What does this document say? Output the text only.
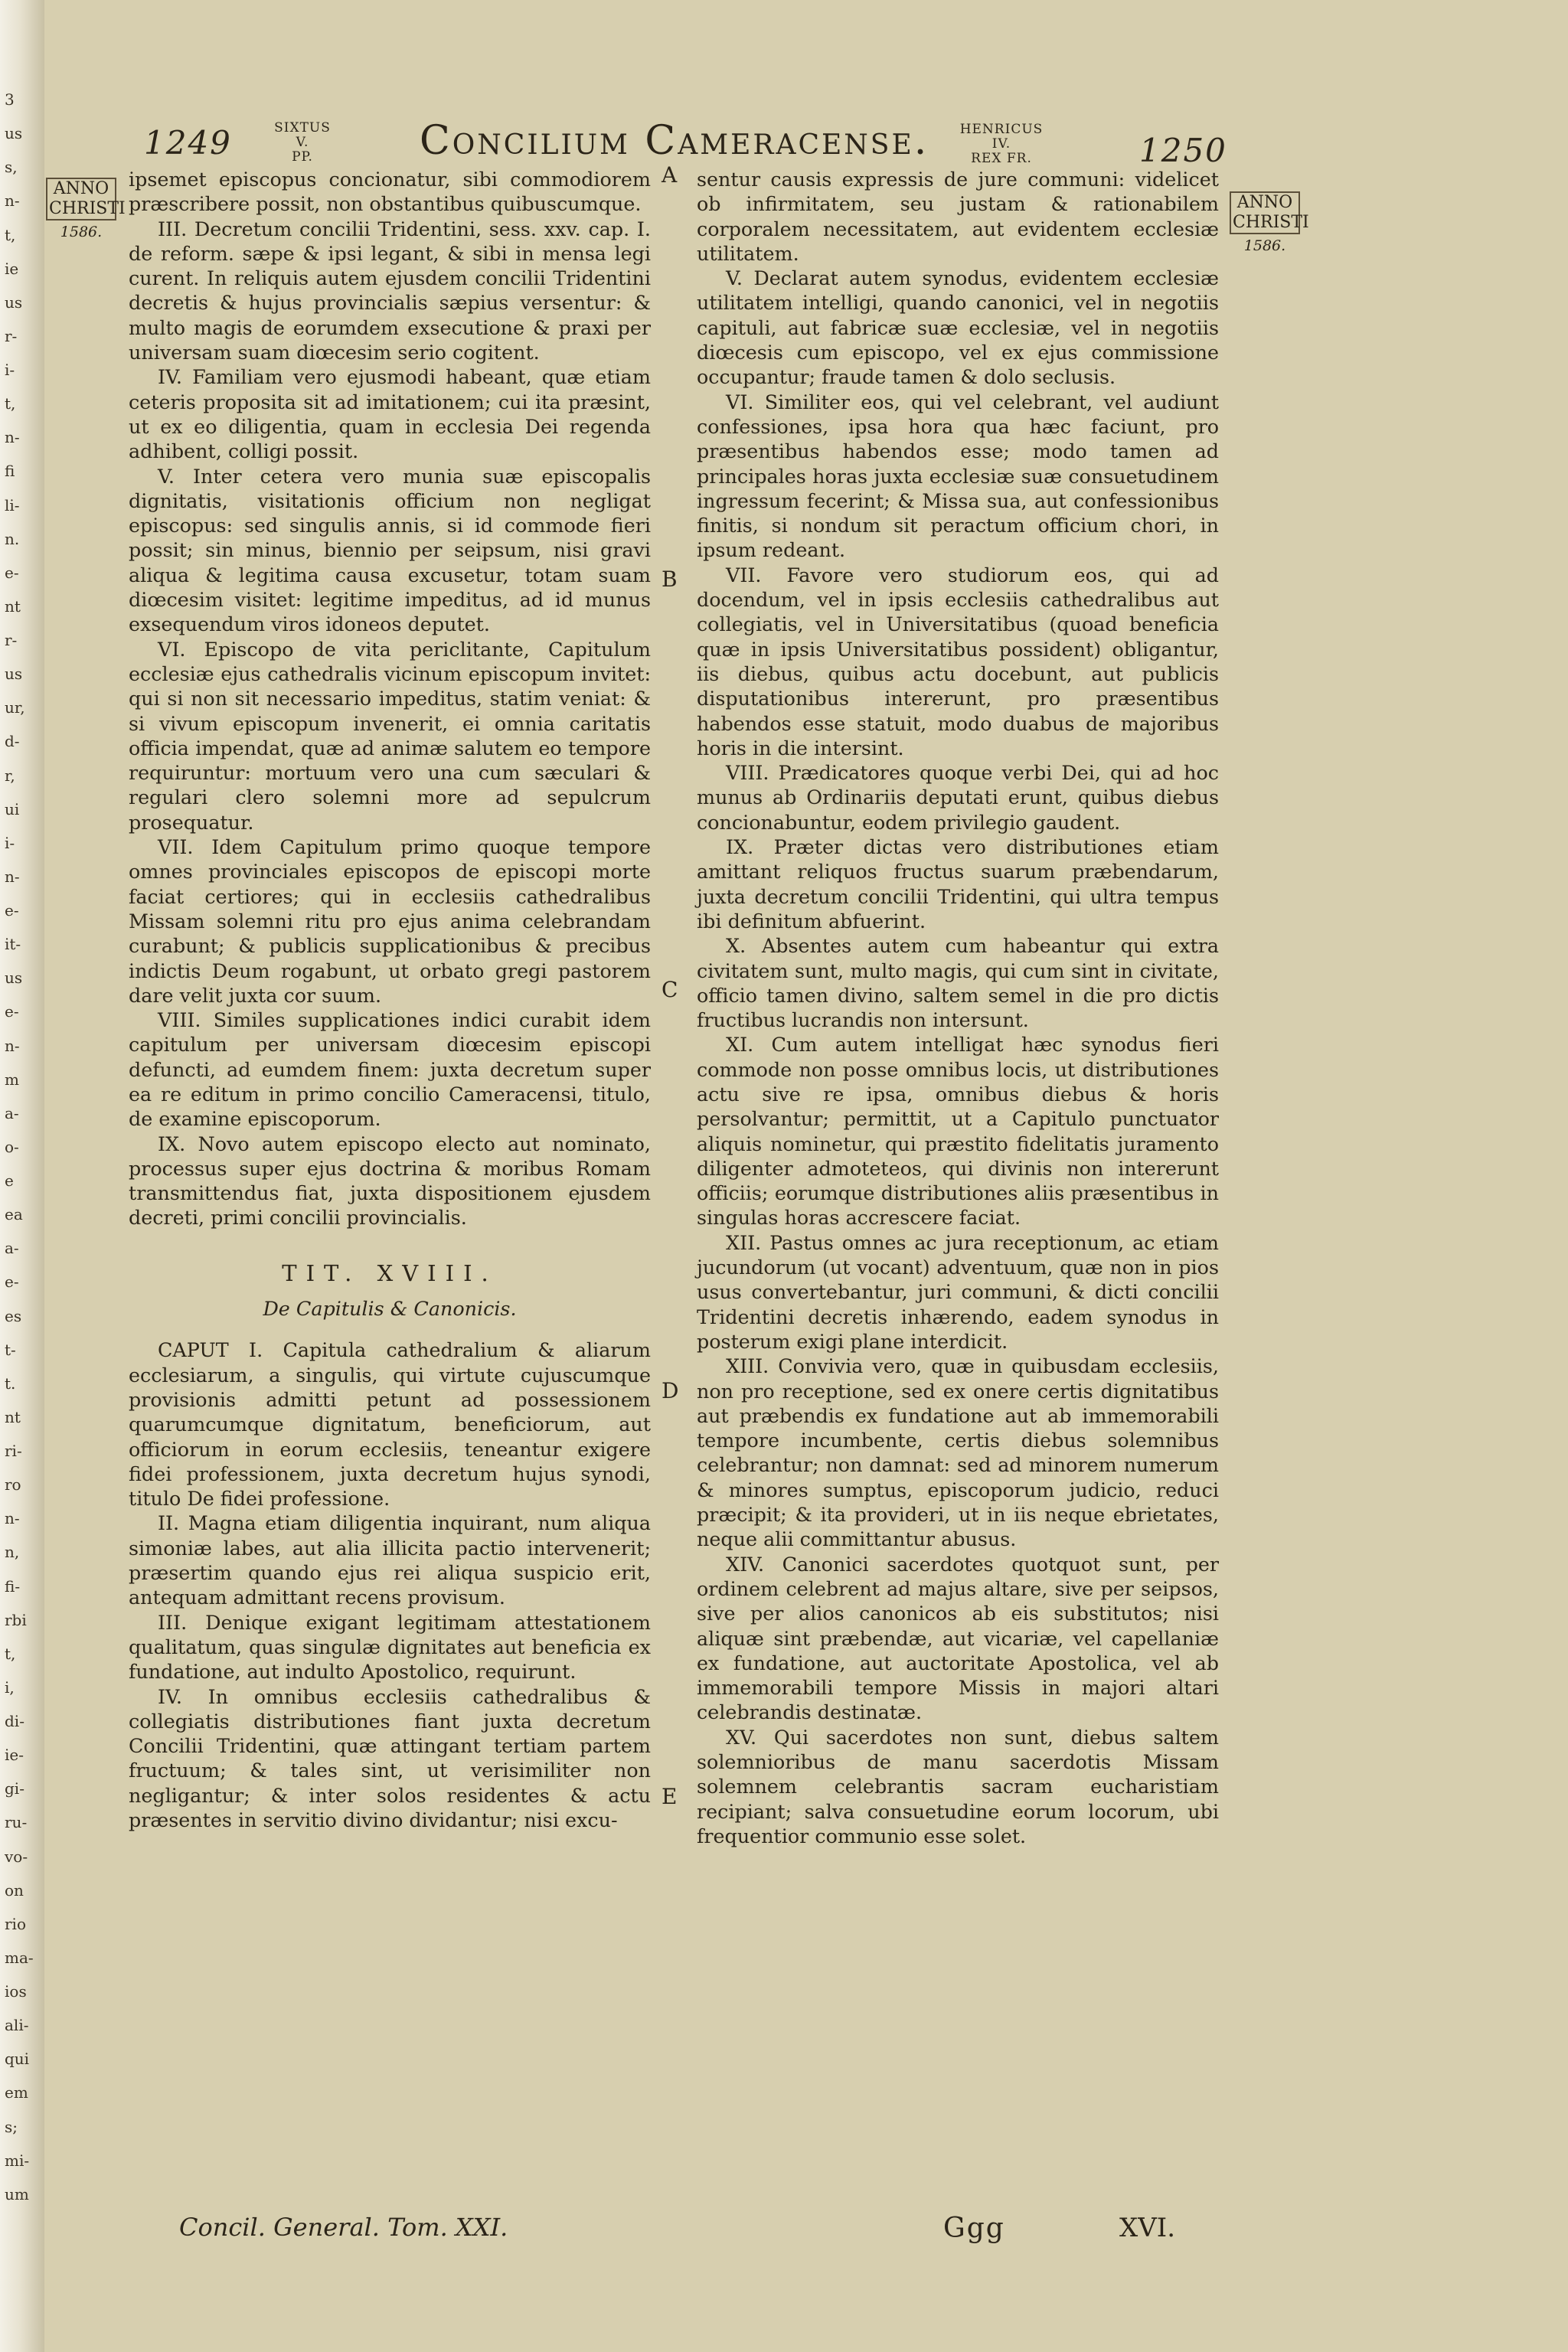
3
us
s,
n-
t,
ie
us
r-
i-
t,
n-
fi
li-
n.
e-
nt
r-
us
ur,
d-
r,
ui
i-
n-
e-
it-
us
e-
n-
m
a-
o-
e
ea
a-
e-
es
t-
t.
nt
ri-
ro
n-
n,
fi-
rbi
t,
i,
di-
ie-
gi-
ru-
vo-
on
rio
ma-
ios
ali-
qui
em
s;
mi-
um
1249	SIXTUS V.
PP.	Concilium Cameracense.	HENRICUS IV.
REX FR.	1250
ANNO
CHRISTI
1586.
ANNO
CHRISTI
1586.

ipsemet episcopus concionatur, sibi commodiorem præscribere possit, non obstantibus quibuscumque.

III. Decretum concilii Tridentini, sess. xxv. cap. I. de reform. sæpe & ipsi legant, & sibi in mensa legi curent. In reliquis autem ejusdem concilii Tridentini decretis & hujus provincialis sæpius versentur: & multo magis de eorumdem exsecutione & praxi per universam suam diœcesim serio cogitent.

IV. Familiam vero ejusmodi habeant, quæ etiam ceteris proposita sit ad imitationem; cui ita præsint, ut ex eo diligentia, quam in ecclesia Dei regenda adhibent, colligi possit.

V. Inter cetera vero munia suæ episcopalis dignitatis, visitationis officium non negligat episcopus: sed singulis annis, si id commode fieri possit; sin minus, biennio per seipsum, nisi gravi aliqua & legitima causa excusetur, totam suam diœcesim visitet: legitime impeditus, ad id munus exsequendum viros idoneos deputet.

VI. Episcopo de vita periclitante, Capitulum ecclesiæ ejus cathedralis vicinum episcopum invitet: qui si non sit necessario impeditus, statim veniat: & si vivum episcopum invenerit, ei omnia caritatis officia impendat, quæ ad animæ salutem eo tempore requiruntur: mortuum vero una cum sæculari & regulari clero solemni more ad sepulcrum prosequatur.

VII. Idem Capitulum primo quoque tempore omnes provinciales episcopos de episcopi morte faciat certiores; qui in ecclesiis cathedralibus Missam solemni ritu pro ejus anima celebrandam curabunt; & publicis supplicationibus & precibus indictis Deum rogabunt, ut orbato gregi pastorem dare velit juxta cor suum.

VIII. Similes supplicationes indici curabit idem capitulum per universam diœcesim episcopi defuncti, ad eumdem finem: juxta decretum super ea re editum in primo concilio Cameracensi, titulo, de examine episcoporum.

IX. Novo autem episcopo electo aut nominato, processus super ejus doctrina & moribus Romam transmittendus fiat, juxta dispositionem ejusdem decreti, primi concilii provincialis.

TIT. XVIII.

De Capitulis & Canonicis.

CAPUT I. Capitula cathedralium & aliarum ecclesiarum, a singulis, qui virtute cujuscumque provisionis admitti petunt ad possessionem quarumcumque dignitatum, beneficiorum, aut officiorum in eorum ecclesiis, teneantur exigere fidei professionem, juxta decretum hujus synodi, titulo De fidei professione.

II. Magna etiam diligentia inquirant, num aliqua simoniæ labes, aut alia illicita pactio intervenerit; præsertim quando ejus rei aliqua suspicio erit, antequam admittant recens provisum.

III. Denique exigant legitimam attestationem qualitatum, quas singulæ dignitates aut beneficia ex fundatione, aut indulto Apostolico, requirunt.

IV. In omnibus ecclesiis cathedralibus & collegiatis distributiones fiant juxta decretum Concilii Tridentini, quæ attingant tertiam partem fructuum; & tales sint, ut verisimiliter non negligantur; & inter solos residentes & actu præsentes in servitio divino dividantur; nisi excu-

A
B
C
D
E

sentur causis expressis de jure communi: videlicet ob infirmitatem, seu justam & rationabilem corporalem necessitatem, aut evidentem ecclesiæ utilitatem.

V. Declarat autem synodus, evidentem ecclesiæ utilitatem intelligi, quando canonici, vel in negotiis capituli, aut fabricæ suæ ecclesiæ, vel in negotiis diœcesis cum episcopo, vel ex ejus commissione occupantur; fraude tamen & dolo seclusis.

VI. Similiter eos, qui vel celebrant, vel audiunt confessiones, ipsa hora qua hæc faciunt, pro præsentibus habendos esse; modo tamen ad principales horas juxta ecclesiæ suæ consuetudinem ingressum fecerint; & Missa sua, aut confessionibus finitis, si nondum sit peractum officium chori, in ipsum redeant.

VII. Favore vero studiorum eos, qui ad docendum, vel in ipsis ecclesiis cathedralibus aut collegiatis, vel in Universitatibus (quoad beneficia quæ in ipsis Universitatibus possident) obligantur, iis diebus, quibus actu docebunt, aut publicis disputationibus intererunt, pro præsentibus habendos esse statuit, modo duabus de majoribus horis in die intersint.

VIII. Prædicatores quoque verbi Dei, qui ad hoc munus ab Ordinariis deputati erunt, quibus diebus concionabuntur, eodem privilegio gaudent.

IX. Præter dictas vero distributiones etiam amittant reliquos fructus suarum præbendarum, juxta decretum concilii Tridentini, qui ultra tempus ibi definitum abfuerint.

X. Absentes autem cum habeantur qui extra civitatem sunt, multo magis, qui cum sint in civitate, officio tamen divino, saltem semel in die pro dictis fructibus lucrandis non intersunt.

XI. Cum autem intelligat hæc synodus fieri commode non posse omnibus locis, ut distributiones actu sive re ipsa, omnibus diebus & horis persolvantur; permittit, ut a Capitulo punctuator aliquis nominetur, qui præstito fidelitatis juramento diligenter admoteteos, qui divinis non intererunt officiis; eorumque distributiones aliis præsentibus in singulas horas accrescere faciat.

XII. Pastus omnes ac jura receptionum, ac etiam jucundorum (ut vocant) adventuum, quæ non in pios usus convertebantur, juri communi, & dicti concilii Tridentini decretis inhærendo, eadem synodus in posterum exigi plane interdicit.

XIII. Convivia vero, quæ in quibusdam ecclesiis, non pro receptione, sed ex onere certis dignitatibus aut præbendis ex fundatione aut ab immemorabili tempore incumbente, certis diebus solemnibus celebrantur; non damnat: sed ad minorem numerum & minores sumptus, episcoporum judicio, reduci præcipit; & ita provideri, ut in iis neque ebrietates, neque alii committantur abusus.

XIV. Canonici sacerdotes quotquot sunt, per ordinem celebrent ad majus altare, sive per seipsos, sive per alios canonicos ab eis substitutos; nisi aliquæ sint præbendæ, aut vicariæ, vel capellaniæ ex fundatione, aut auctoritate Apostolica, vel ab immemorabili tempore Missis in majori altari celebrandis destinatæ.

XV. Qui sacerdotes non sunt, diebus saltem solemnioribus de manu sacerdotis Missam solemnem celebrantis sacram eucharistiam recipiant; salva consuetudine eorum locorum, ubi frequentior communio esse solet.

Concil. General. Tom. XXI.	Ggg	XVI.
